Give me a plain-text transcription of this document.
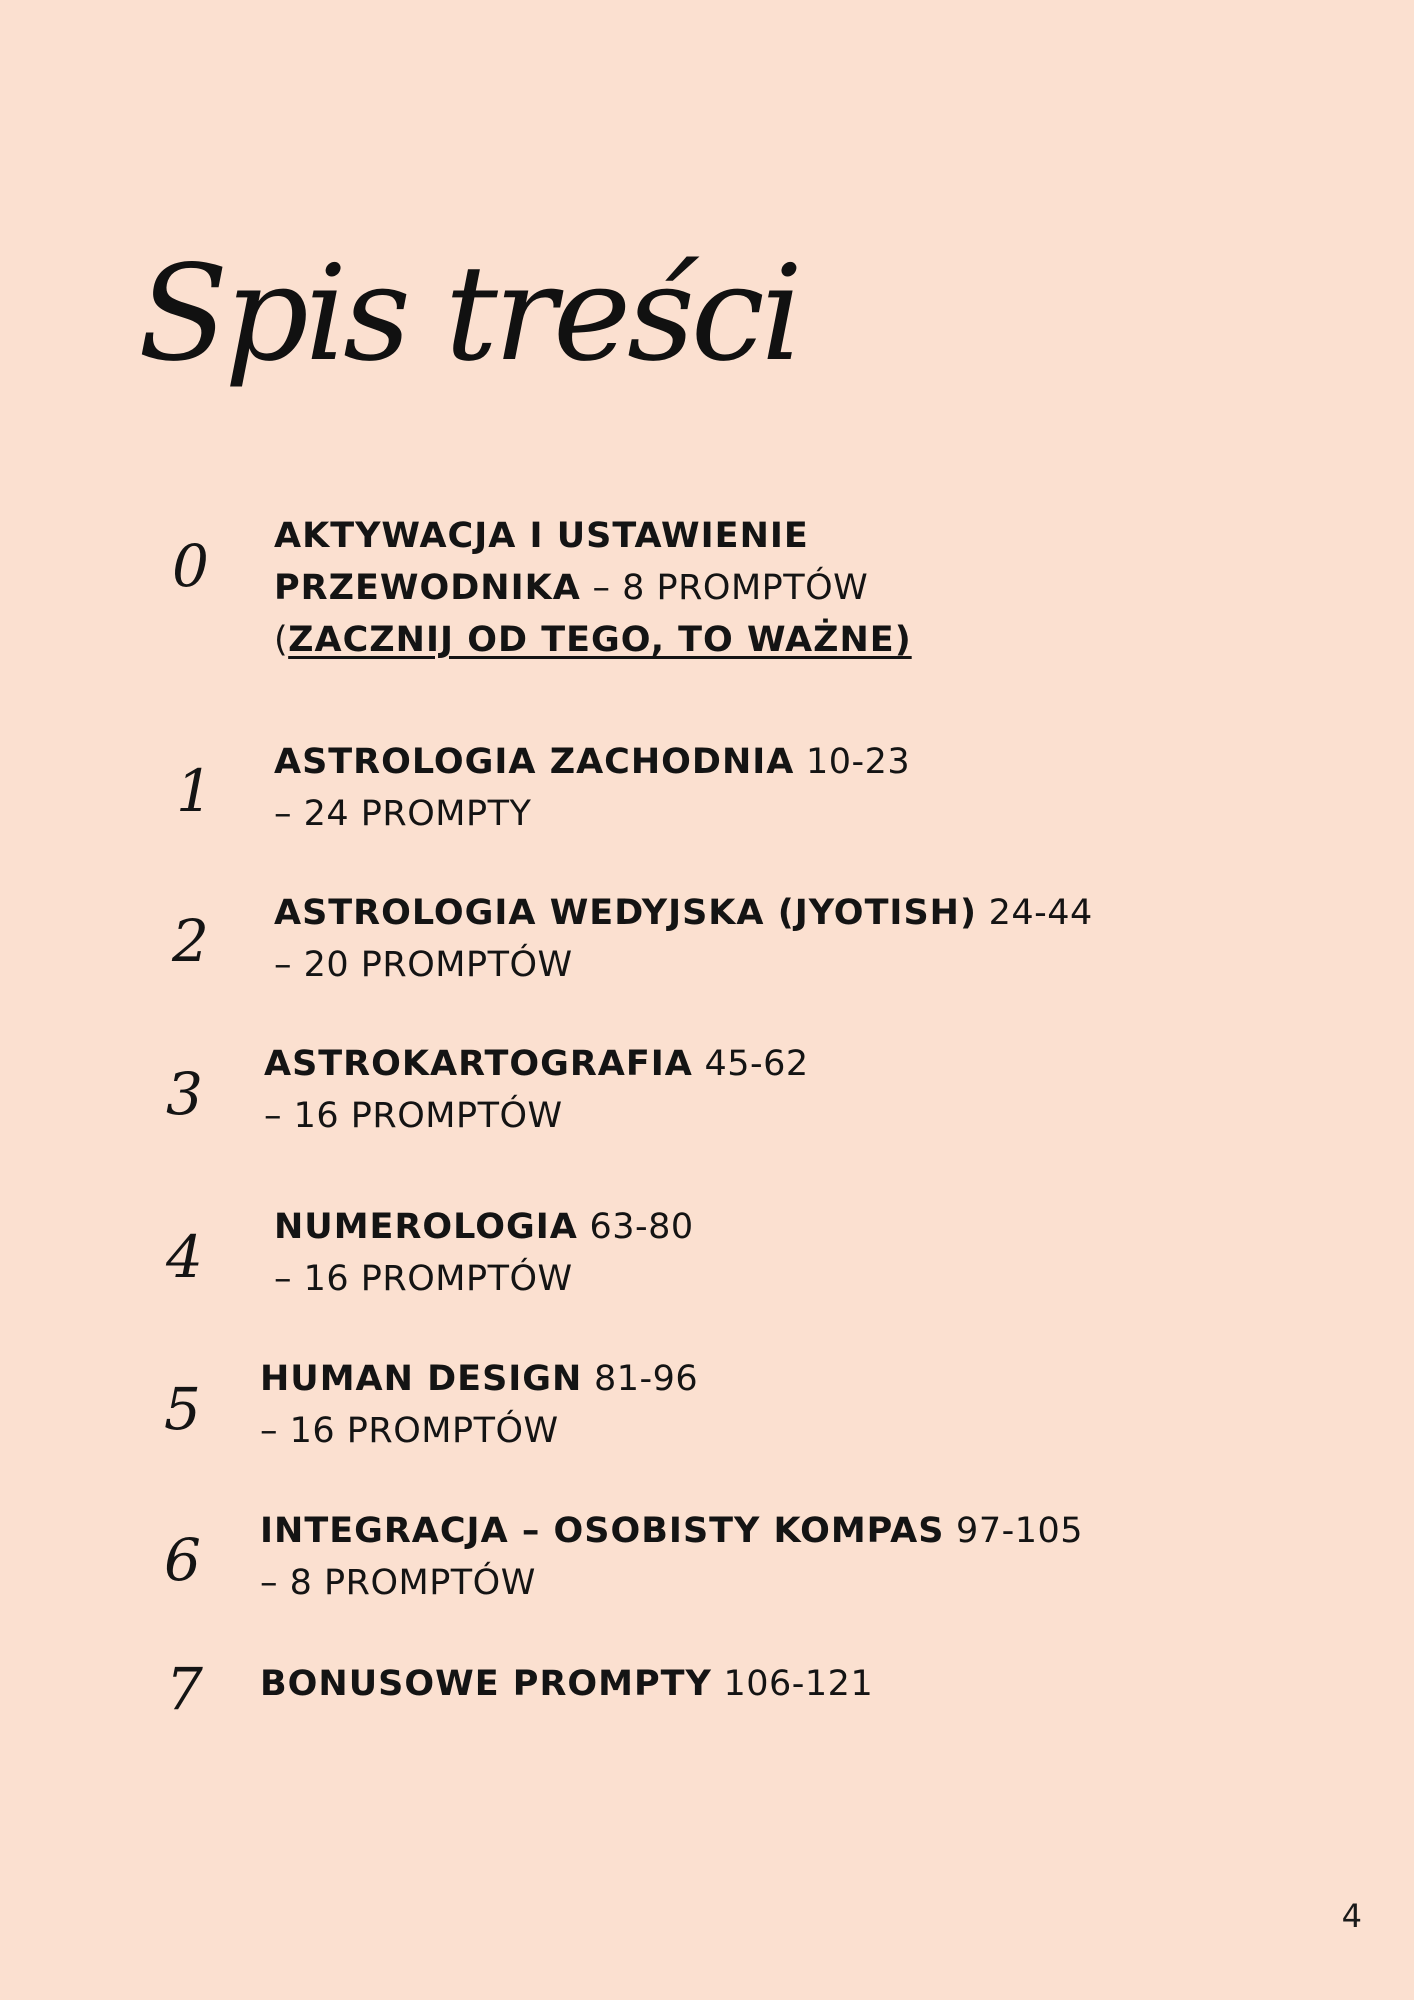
Spis treści
0 AKTYWACJA I USTAWIENIE
PRZEWODNIKA – 8 PROMPTÓW
(ZACZNIJ OD TEGO, TO WAŻNE)
1 ASTROLOGIA ZACHODNIA 10-23
– 24 PROMPTY
2 ASTROLOGIA WEDYJSKA (JYOTISH) 24-44
– 20 PROMPTÓW
3 ASTROKARTOGRAFIA 45-62
– 16 PROMPTÓW
4 NUMEROLOGIA 63-80
– 16 PROMPTÓW
5 HUMAN DESIGN 81-96
– 16 PROMPTÓW
6 INTEGRACJA – OSOBISTY KOMPAS 97-105
– 8 PROMPTÓW
7 BONUSOWE PROMPTY 106-121
4
